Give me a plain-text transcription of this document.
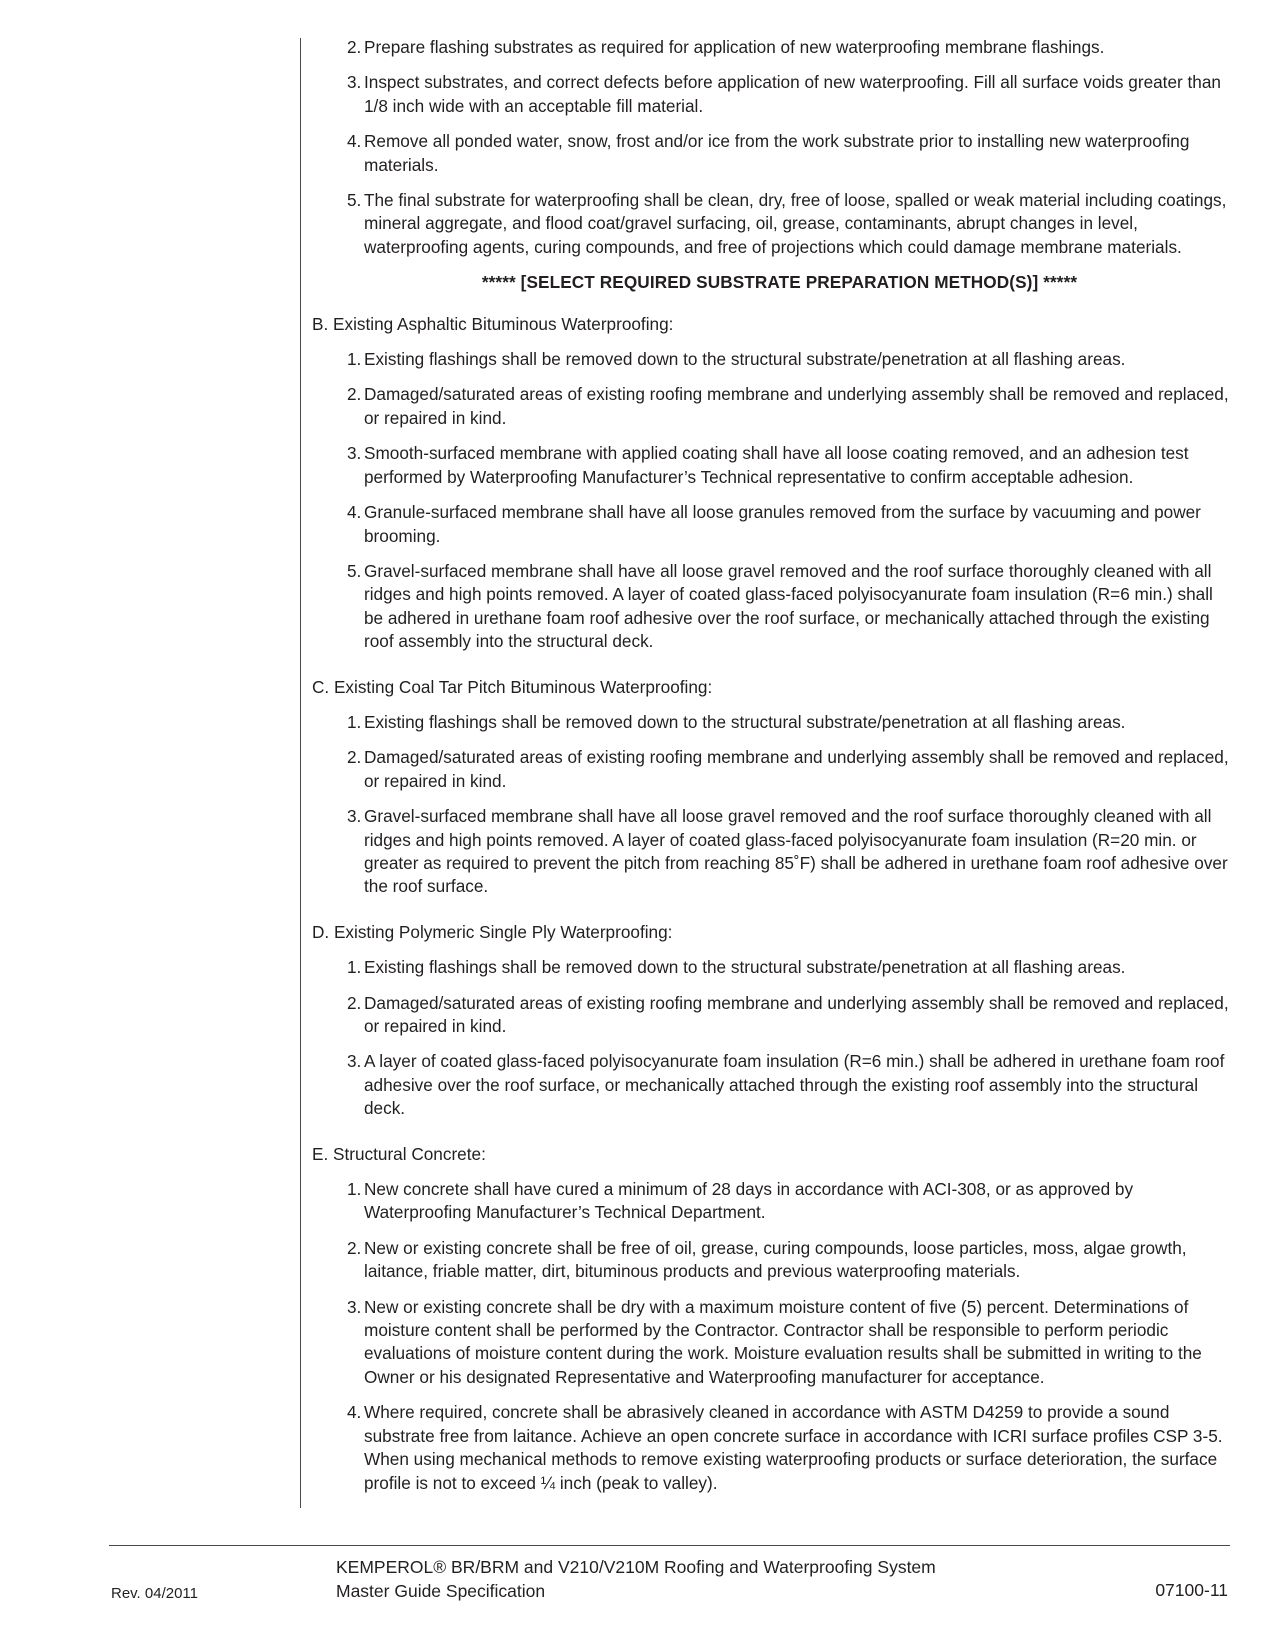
2. Prepare flashing substrates as required for application of new waterproofing membrane flashings.
3. Inspect substrates, and correct defects before application of new waterproofing. Fill all surface voids greater than 1/8 inch wide with an acceptable fill material.
4. Remove all ponded water, snow, frost and/or ice from the work substrate prior to installing new waterproofing materials.
5. The final substrate for waterproofing shall be clean, dry, free of loose, spalled or weak material including coatings, mineral aggregate, and flood coat/gravel surfacing, oil, grease, contaminants, abrupt changes in level, waterproofing agents, curing compounds, and free of projections which could damage membrane materials.
***** [SELECT REQUIRED SUBSTRATE PREPARATION METHOD(S)] *****
B. Existing Asphaltic Bituminous Waterproofing:
1. Existing flashings shall be removed down to the structural substrate/penetration at all flashing areas.
2. Damaged/saturated areas of existing roofing membrane and underlying assembly shall be removed and replaced, or repaired in kind.
3. Smooth-surfaced membrane with applied coating shall have all loose coating removed, and an adhesion test performed by Waterproofing Manufacturer’s Technical representative to confirm acceptable adhesion.
4. Granule-surfaced membrane shall have all loose granules removed from the surface by vacuuming and power brooming.
5. Gravel-surfaced membrane shall have all loose gravel removed and the roof surface thoroughly cleaned with all ridges and high points removed. A layer of coated glass-faced polyisocyanurate foam insulation (R=6 min.) shall be adhered in urethane foam roof adhesive over the roof surface, or mechanically attached through the existing roof assembly into the structural deck.
C. Existing Coal Tar Pitch Bituminous Waterproofing:
1. Existing flashings shall be removed down to the structural substrate/penetration at all flashing areas.
2. Damaged/saturated areas of existing roofing membrane and underlying assembly shall be removed and replaced, or repaired in kind.
3. Gravel-surfaced membrane shall have all loose gravel removed and the roof surface thoroughly cleaned with all ridges and high points removed. A layer of coated glass-faced polyisocyanurate foam insulation (R=20 min. or greater as required to prevent the pitch from reaching 85˚F) shall be adhered in urethane foam roof adhesive over the roof surface.
D. Existing Polymeric Single Ply Waterproofing:
1. Existing flashings shall be removed down to the structural substrate/penetration at all flashing areas.
2. Damaged/saturated areas of existing roofing membrane and underlying assembly shall be removed and replaced, or repaired in kind.
3. A layer of coated glass-faced polyisocyanurate foam insulation (R=6 min.) shall be adhered in urethane foam roof adhesive over the roof surface, or mechanically attached through the existing roof assembly into the structural deck.
E. Structural Concrete:
1. New concrete shall have cured a minimum of 28 days in accordance with ACI-308, or as approved by Waterproofing Manufacturer’s Technical Department.
2. New or existing concrete shall be free of oil, grease, curing compounds, loose particles, moss, algae growth, laitance, friable matter, dirt, bituminous products and previous waterproofing materials.
3. New or existing concrete shall be dry with a maximum moisture content of five (5) percent. Determinations of moisture content shall be performed by the Contractor. Contractor shall be responsible to perform periodic evaluations of moisture content during the work. Moisture evaluation results shall be submitted in writing to the Owner or his designated Representative and Waterproofing manufacturer for acceptance.
4. Where required, concrete shall be abrasively cleaned in accordance with ASTM D4259 to provide a sound substrate free from laitance. Achieve an open concrete surface in accordance with ICRI surface profiles CSP 3-5. When using mechanical methods to remove existing waterproofing products or surface deterioration, the surface profile is not to exceed ¼ inch (peak to valley).
Rev. 04/2011
KEMPEROL® BR/BRM and V210/V210M Roofing and Waterproofing System
Master Guide Specification	07100-11
